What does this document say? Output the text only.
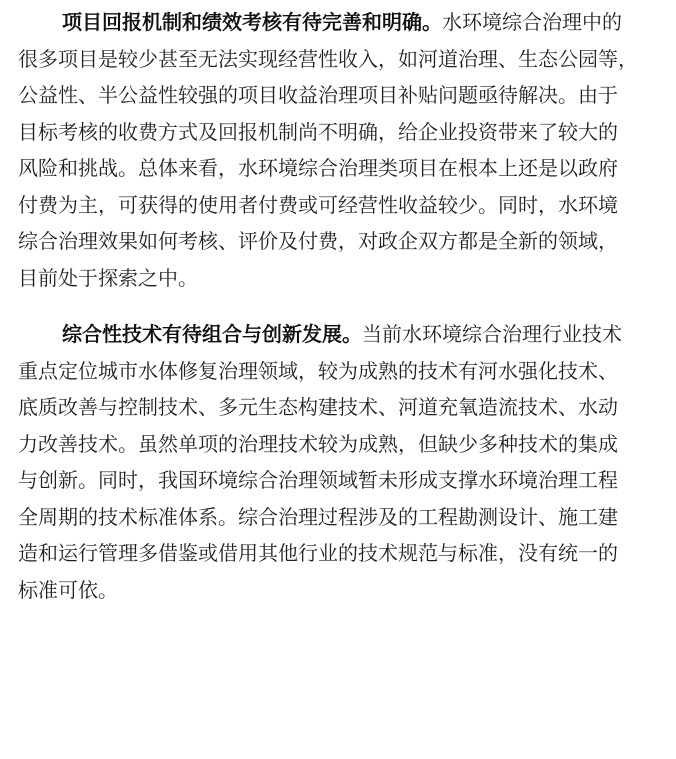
项目回报机制和绩效考核有待完善和明确。水环境综合治理中的
很多项目是较少甚至无法实现经营性收入，如河道治理、生态公园等，
公益性、半公益性较强的项目收益治理项目补贴问题亟待解决。由于
目标考核的收费方式及回报机制尚不明确，给企业投资带来了较大的
风险和挑战。总体来看，水环境综合治理类项目在根本上还是以政府
付费为主，可获得的使用者付费或可经营性收益较少。同时，水环境
综合治理效果如何考核、评价及付费，对政企双方都是全新的领域，
目前处于探索之中。
综合性技术有待组合与创新发展。当前水环境综合治理行业技术
重点定位城市水体修复治理领域，较为成熟的技术有河水强化技术、
底质改善与控制技术、多元生态构建技术、河道充氧造流技术、水动
力改善技术。虽然单项的治理技术较为成熟，但缺少多种技术的集成
与创新。同时，我国环境综合治理领域暂未形成支撑水环境治理工程
全周期的技术标准体系。综合治理过程涉及的工程勘测设计、施工建
造和运行管理多借鉴或借用其他行业的技术规范与标准，没有统一的
标准可依。
